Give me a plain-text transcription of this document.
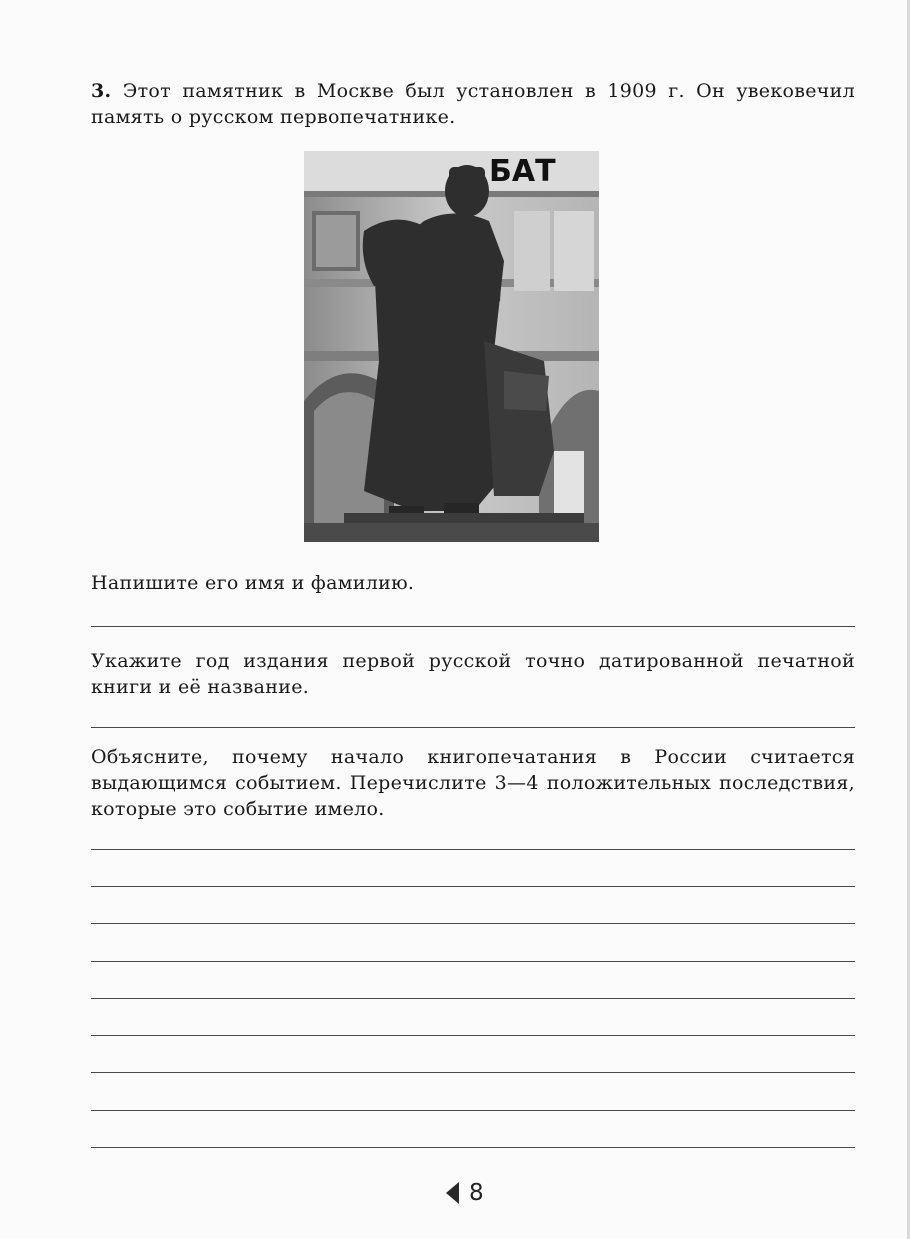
3. Этот памятник в Москве был установлен в 1909 г. Он увековечил память о русском первопечатнике.
БАТ
Напишите его имя и фамилию.
Укажите год издания первой русской точно датированной печатной книги и её название.
Объясните, почему начало книгопечатания в России считается выдающимся событием. Перечислите 3—4 положительных последствия, которые это событие имело.
8
